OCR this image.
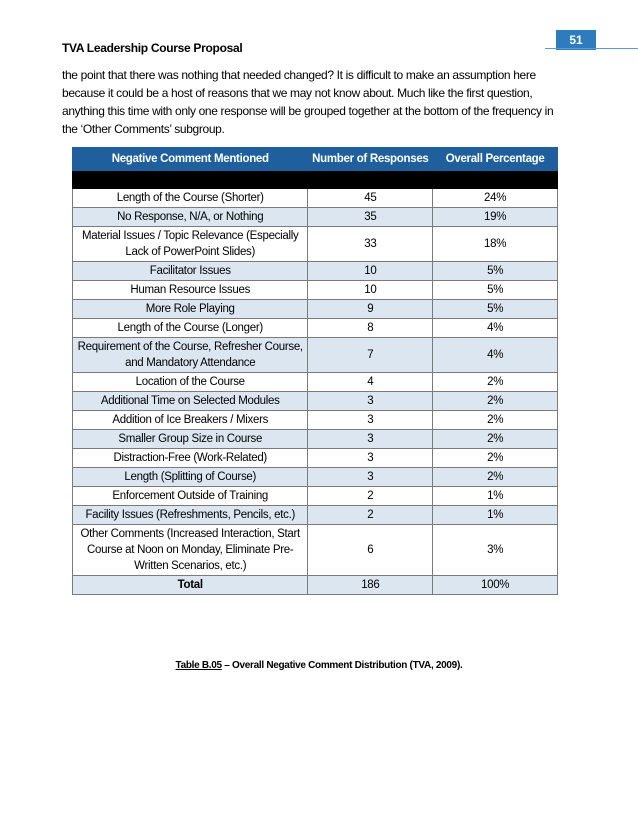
51
TVA Leadership Course Proposal
the point that there was nothing that needed changed? It is difficult to make an assumption here because it could be a host of reasons that we may not know about. Much like the first question, anything this time with only one response will be grouped together at the bottom of the frequency in the ‘Other Comments’ subgroup.
Negative Comment Mentioned	Number of Responses	Overall Percentage

Length of the Course (Shorter)	45	24%
No Response, N/A, or Nothing	35	19%
Material Issues / Topic Relevance (Especially Lack of PowerPoint Slides)	33	18%
Facilitator Issues	10	5%
Human Resource Issues	10	5%
More Role Playing	9	5%
Length of the Course (Longer)	8	4%
Requirement of the Course, Refresher Course, and Mandatory Attendance	7	4%
Location of the Course	4	2%
Additional Time on Selected Modules	3	2%
Addition of Ice Breakers / Mixers	3	2%
Smaller Group Size in Course	3	2%
Distraction-Free (Work-Related)	3	2%
Length (Splitting of Course)	3	2%
Enforcement Outside of Training	2	1%
Facility Issues (Refreshments, Pencils, etc.)	2	1%
Other Comments (Increased Interaction, Start Course at Noon on Monday, Eliminate Pre-Written Scenarios, etc.)	6	3%
Total	186	100%
Table B.05 – Overall Negative Comment Distribution (TVA, 2009).
